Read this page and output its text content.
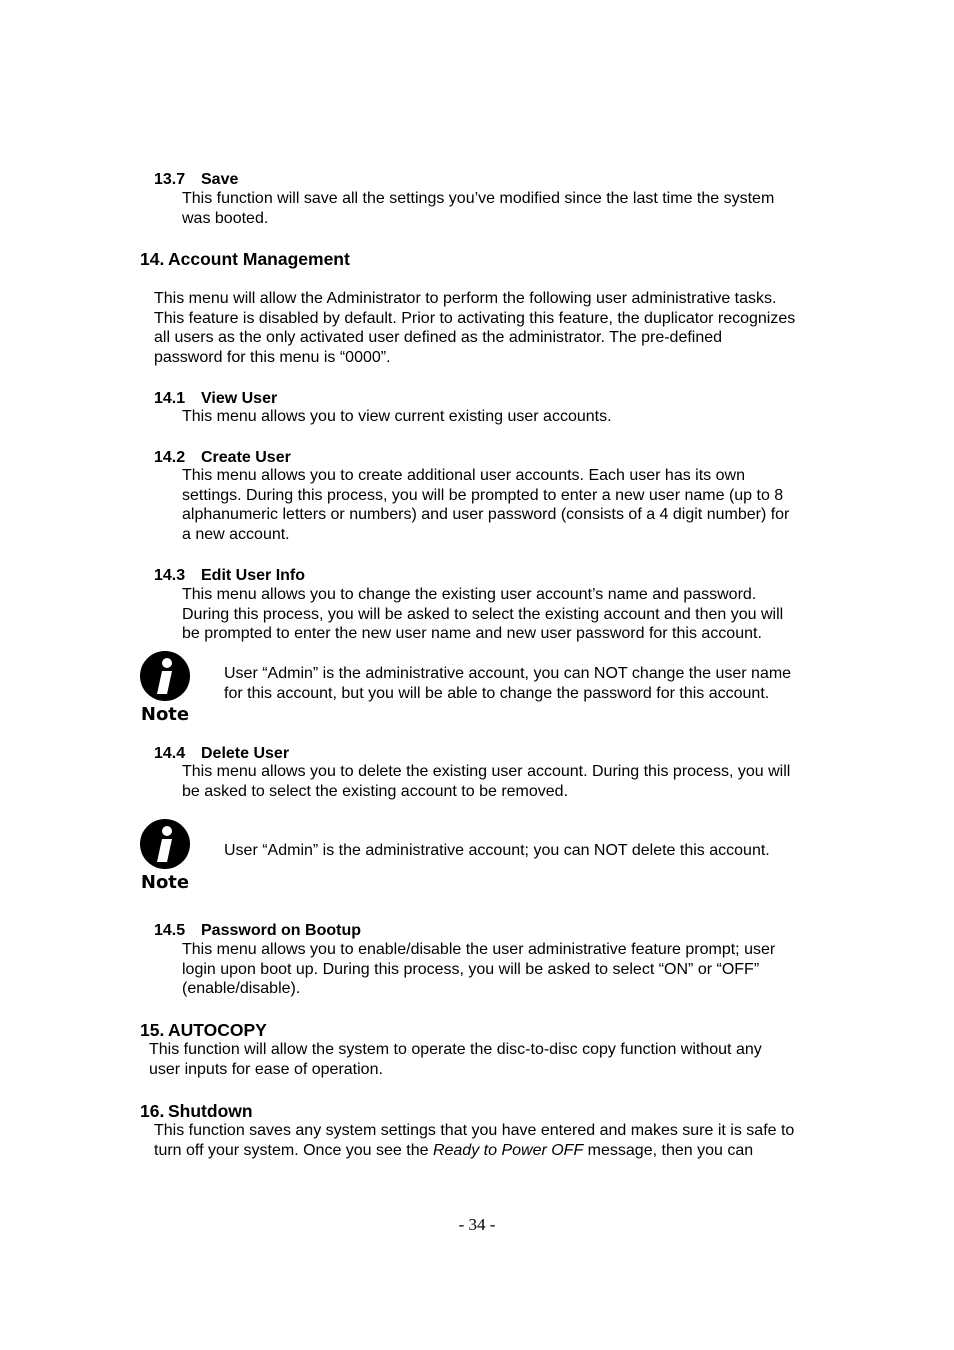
13.7 Save
This function will save all the settings you’ve modified since the last time the system
was booted.
14. Account Management
This menu will allow the Administrator to perform the following user administrative tasks.
This feature is disabled by default. Prior to activating this feature, the duplicator recognizes
all users as the only activated user defined as the administrator. The pre-defined
password for this menu is “0000”.
14.1 View User
This menu allows you to view current existing user accounts.
14.2 Create User
This menu allows you to create additional user accounts. Each user has its own
settings. During this process, you will be prompted to enter a new user name (up to 8
alphanumeric letters or numbers) and user password (consists of a 4 digit number) for
a new account.
14.3 Edit User Info
This menu allows you to change the existing user account’s name and password.
During this process, you will be asked to select the existing account and then you will
be prompted to enter the new user name and new user password for this account.
Note
User “Admin” is the administrative account, you can NOT change the user name
for this account, but you will be able to change the password for this account.
14.4 Delete User
This menu allows you to delete the existing user account. During this process, you will
be asked to select the existing account to be removed.
Note
User “Admin” is the administrative account; you can NOT delete this account.
14.5 Password on Bootup
This menu allows you to enable/disable the user administrative feature prompt; user
login upon boot up. During this process, you will be asked to select “ON” or “OFF”
(enable/disable).
15. AUTOCOPY
This function will allow the system to operate the disc-to-disc copy function without any
user inputs for ease of operation.
16. Shutdown
This function saves any system settings that you have entered and makes sure it is safe to
turn off your system. Once you see the Ready to Power OFF message, then you can
- 34 -
